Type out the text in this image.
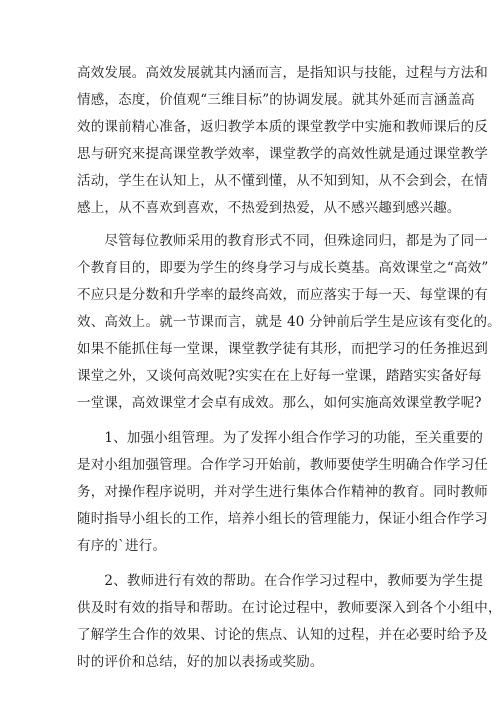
高效发展。高效发展就其内涵而言，是指知识与技能，过程与方法和
情感，态度，价值观“三维目标”的协调发展。就其外延而言涵盖高
效的课前精心准备，返归教学本质的课堂教学中实施和教师课后的反
思与研究来提高课堂教学效率，课堂教学的高效性就是通过课堂教学
活动，学生在认知上，从不懂到懂，从不知到知，从不会到会，在情
感上，从不喜欢到喜欢，不热爱到热爱，从不感兴趣到感兴趣。
　　尽管每位教师采用的教育形式不同，但殊途同归，都是为了同一
个教育目的，即要为学生的终身学习与成长奠基。高效课堂之“高效”
不应只是分数和升学率的最终高效，而应落实于每一天、每堂课的有
效、高效上。就一节课而言，就是 40 分钟前后学生是应该有变化的。
如果不能抓住每一堂课，课堂教学徒有其形，而把学习的任务推迟到
课堂之外，又谈何高效呢?实实在在上好每一堂课，踏踏实实备好每
一堂课，高效课堂才会卓有成效。那么，如何实施高效课堂教学呢?
　　1、加强小组管理。为了发挥小组合作学习的功能，至关重要的
是对小组加强管理。合作学习开始前，教师要使学生明确合作学习任
务，对操作程序说明，并对学生进行集体合作精神的教育。同时教师
随时指导小组长的工作，培养小组长的管理能力，保证小组合作学习
有序的`进行。
　　2、教师进行有效的帮助。在合作学习过程中，教师要为学生提
供及时有效的指导和帮助。在讨论过程中，教师要深入到各个小组中，
了解学生合作的效果、讨论的焦点、认知的过程，并在必要时给予及
时的评价和总结，好的加以表扬或奖励。
